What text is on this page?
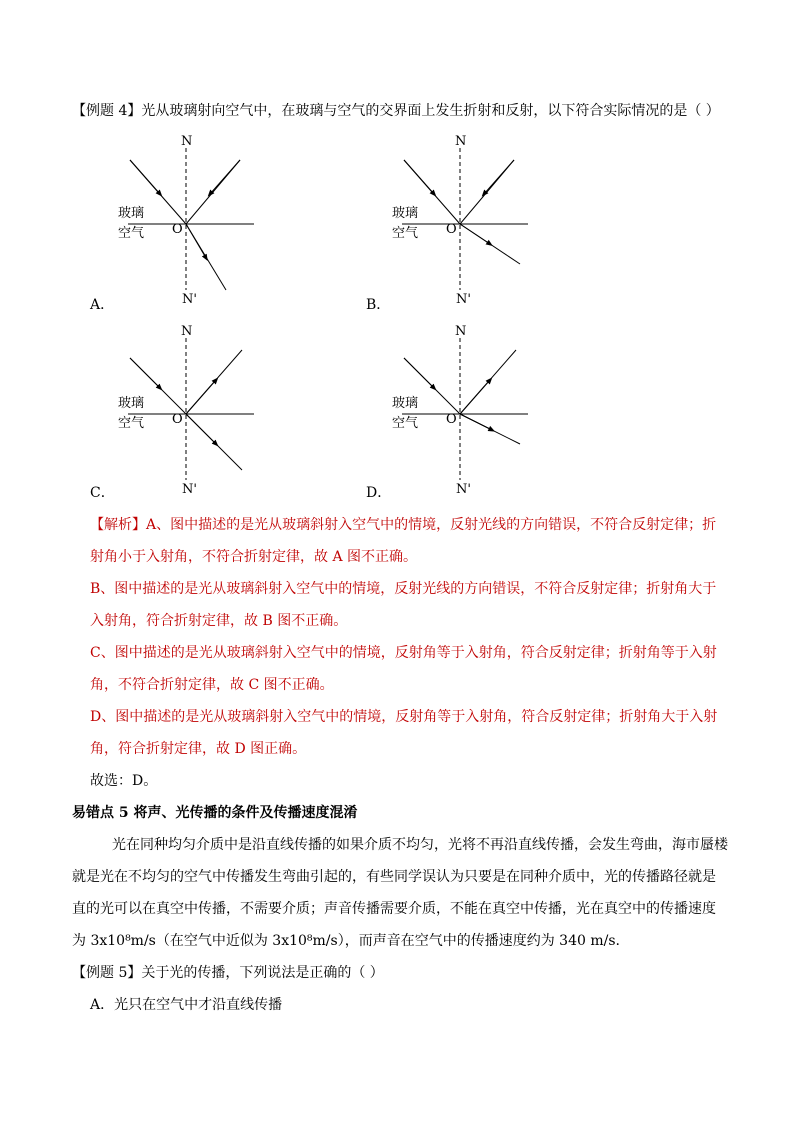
【例题 4】光从玻璃射向空气中，在玻璃与空气的交界面上发生折射和反射，以下符合实际情况的是（ ）
N
N'
玻璃
空气 O
A．
N
N'
玻璃
空气 O
B．
N
N'
玻璃
空气 O
C．
N
N'
玻璃
空气 O
D．
【解析】A、图中描述的是光从玻璃斜射入空气中的情境，反射光线的方向错误，不符合反射定律；折
射角小于入射角，不符合折射定律，故 A 图不正确。
B、图中描述的是光从玻璃斜射入空气中的情境，反射光线的方向错误，不符合反射定律；折射角大于
入射角，符合折射定律，故 B 图不正确。
C、图中描述的是光从玻璃斜射入空气中的情境，反射角等于入射角，符合反射定律；折射角等于入射
角，不符合折射定律，故 C 图不正确。
D、图中描述的是光从玻璃斜射入空气中的情境，反射角等于入射角，符合反射定律；折射角大于入射
角，符合折射定律，故 D 图正确。
故选：D。
易错点 5 将声、光传播的条件及传播速度混淆
光在同种均匀介质中是沿直线传播的如果介质不均匀，光将不再沿直线传播，会发生弯曲，海市蜃楼
就是光在不均匀的空气中传播发生弯曲引起的，有些同学误认为只要是在同种介质中，光的传播路径就是
直的光可以在真空中传播，不需要介质；声音传播需要介质，不能在真空中传播，光在真空中的传播速度
为 3x10⁸m/s（在空气中近似为 3x10⁸m/s），而声音在空气中的传播速度约为 340 m/s.
【例题 5】关于光的传播，下列说法是正确的（ ）
A．光只在空气中才沿直线传播
